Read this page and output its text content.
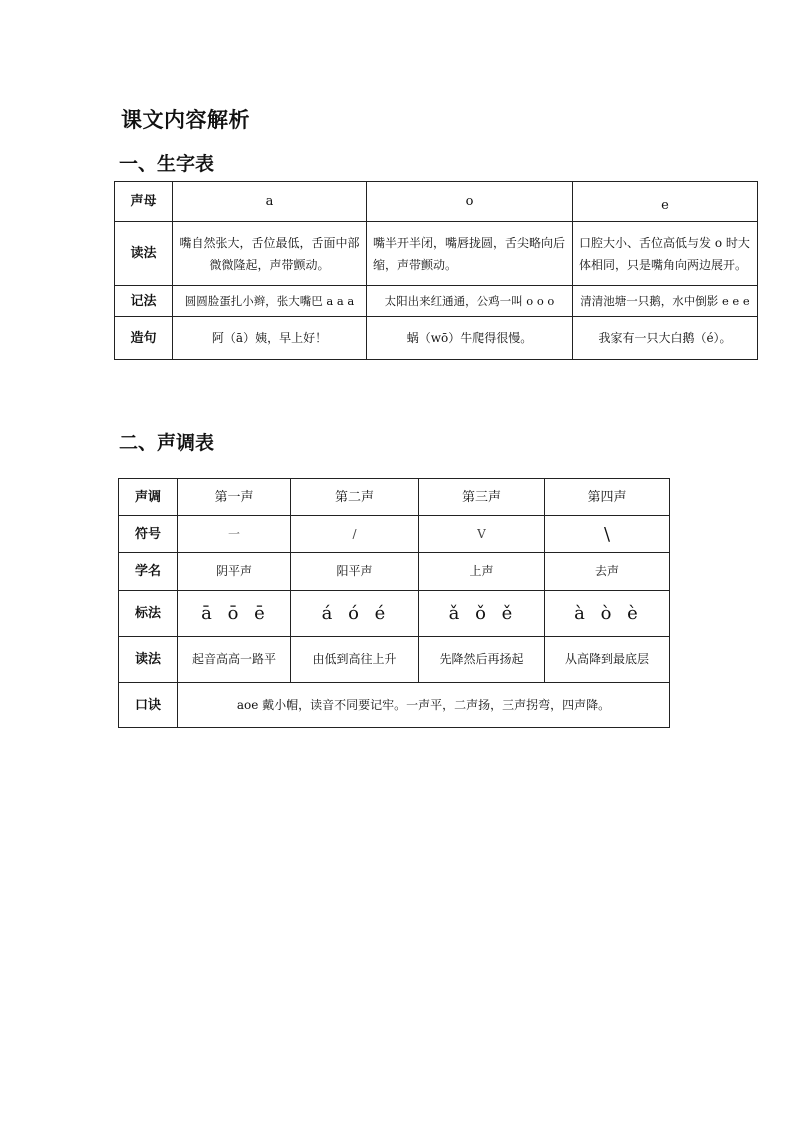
课文内容解析
一、生字表
声母	a	o	e
读法	嘴自然张大，舌位最低，舌面中部微微隆起，声带颤动。	嘴半开半闭，嘴唇拢圆，舌尖略向后缩，声带颤动。	口腔大小、舌位高低与发 o 时大体相同，只是嘴角向两边展开。
记法	圆圆脸蛋扎小辫，张大嘴巴 a a a	太阳出来红通通，公鸡一叫 o o o	清清池塘一只鹅，水中倒影 e e e
造句	阿（ā）姨，早上好！	蜗（wō）牛爬得很慢。	我家有一只大白鹅（é）。
二、声调表
声调	第一声	第二声	第三声	第四声
符号	一	/	V	\
学名	阴平声	阳平声	上声	去声
标法	ā ō ē	á ó é	ǎ ǒ ě	à ò è
读法	起音高高一路平	由低到高往上升	先降然后再扬起	从高降到最底层
口诀	aoe 戴小帽，读音不同要记牢。一声平，二声扬，三声拐弯，四声降。			
